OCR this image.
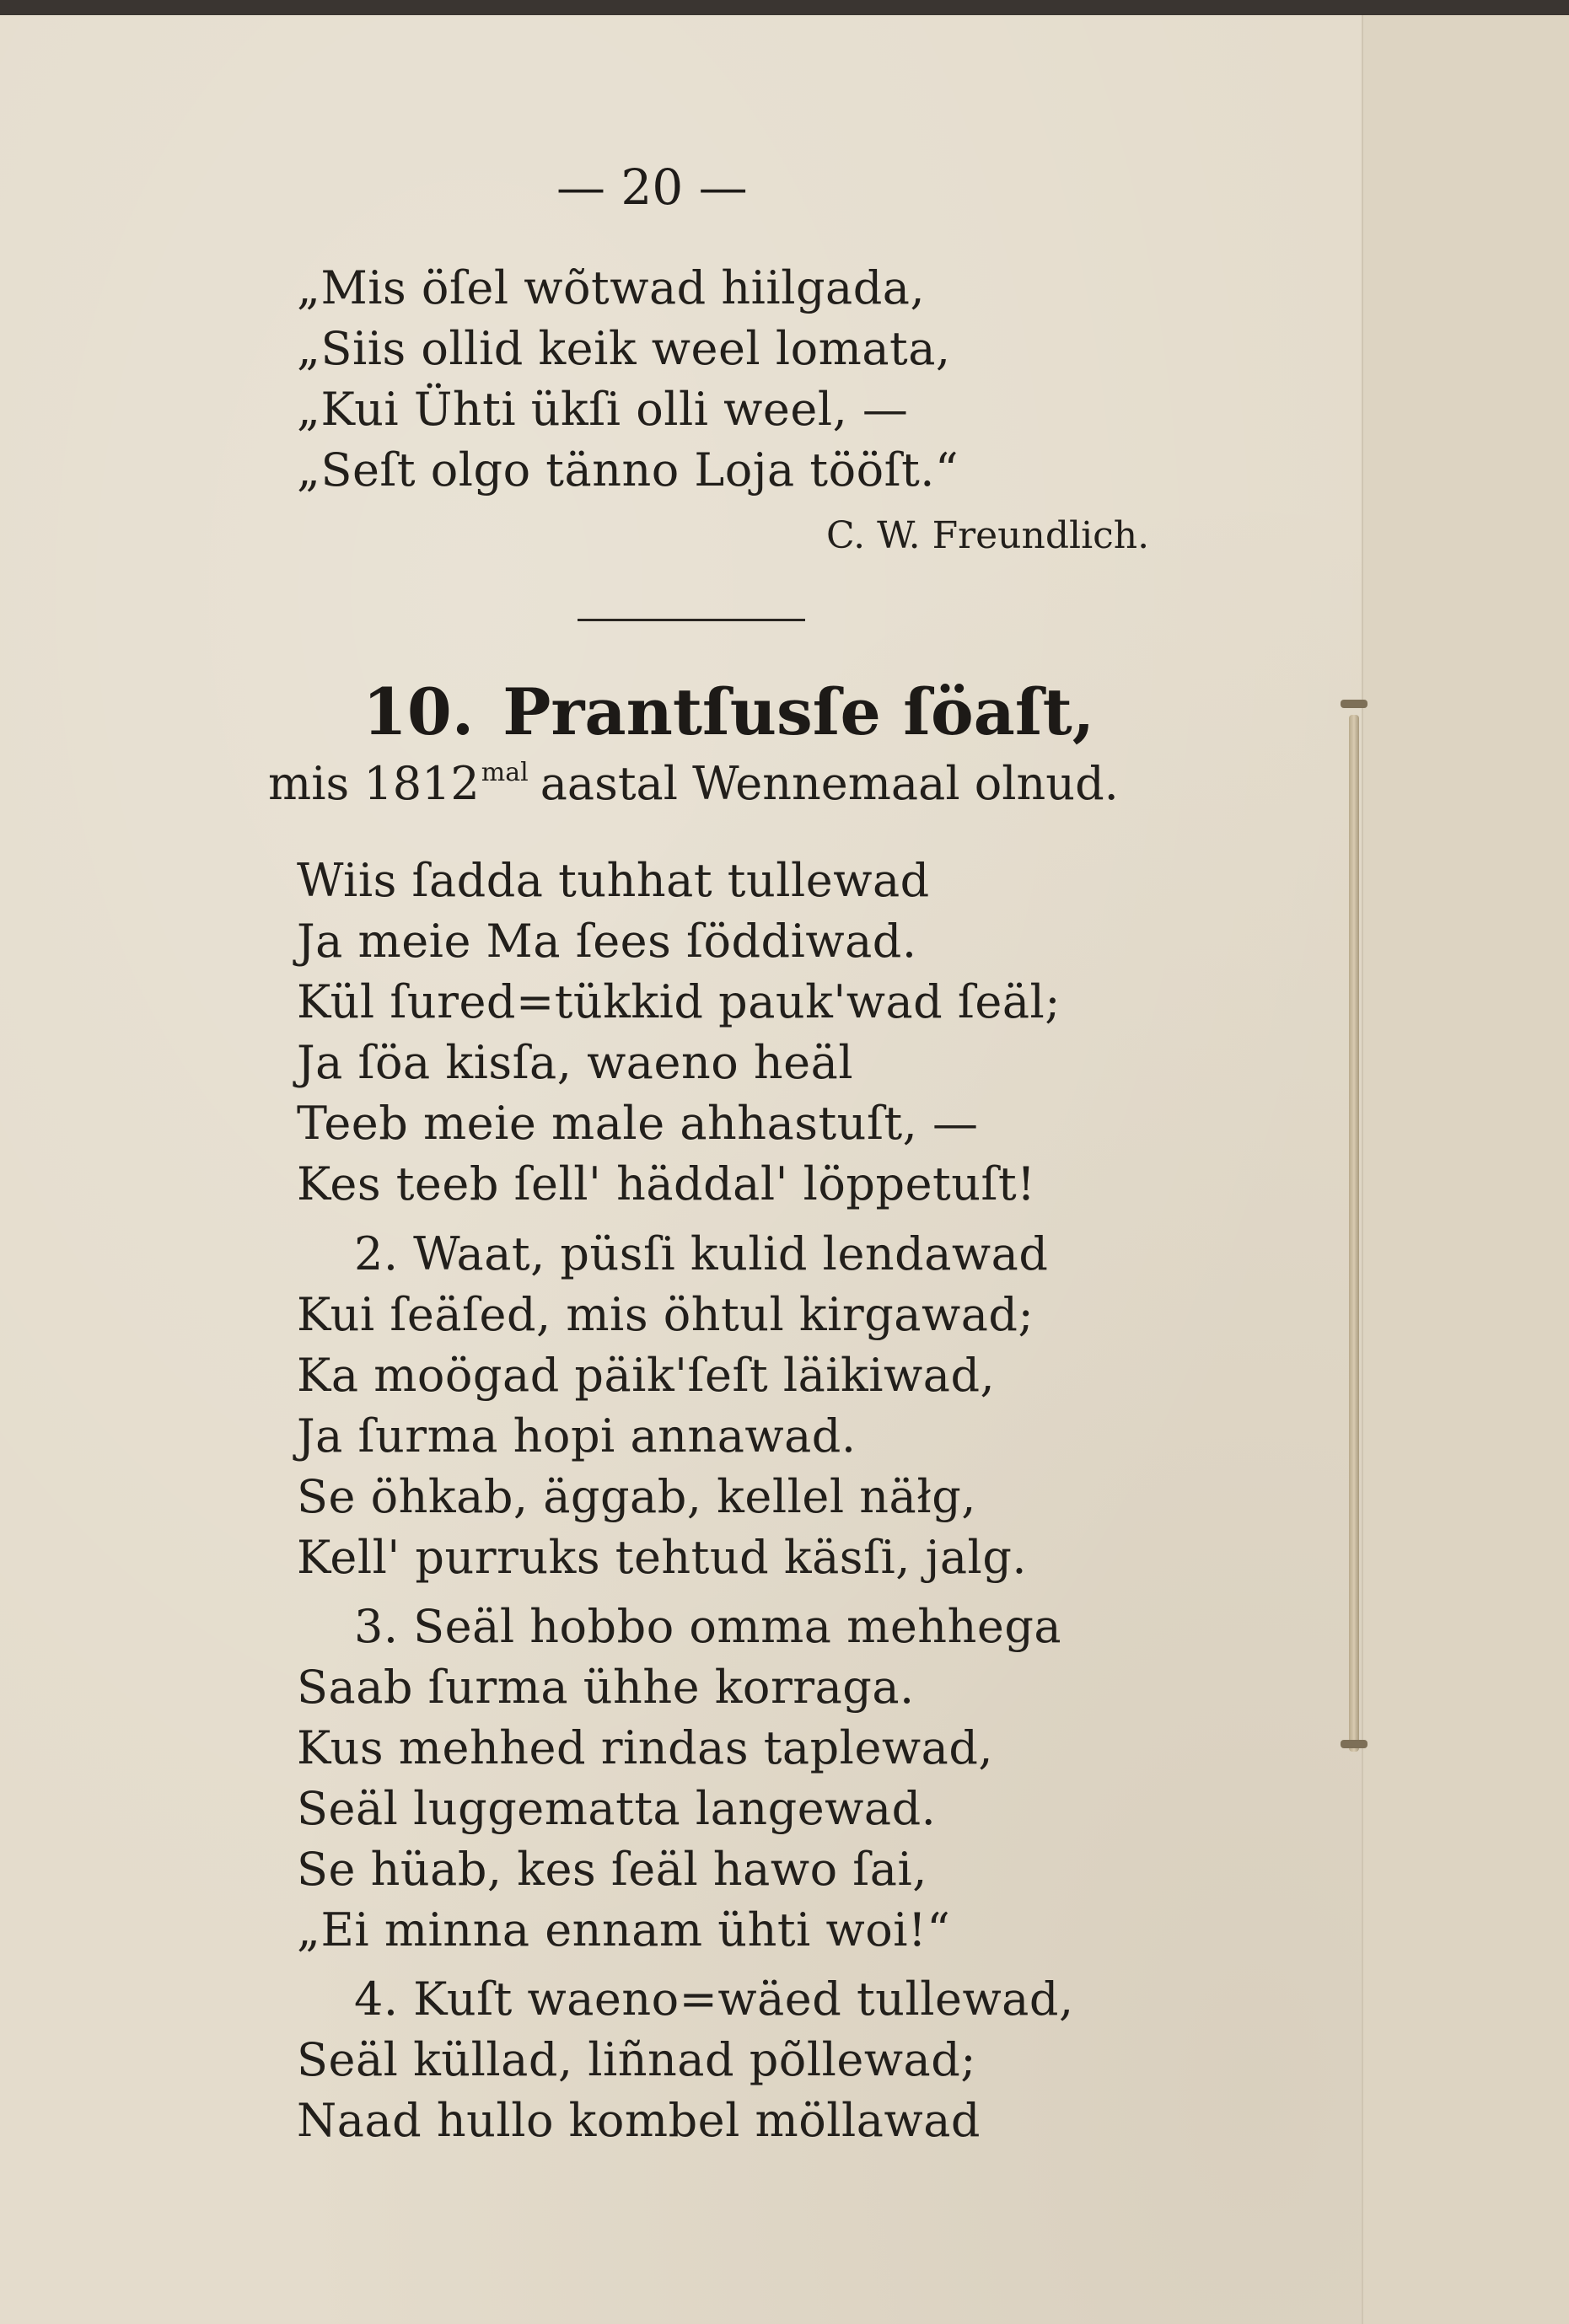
— 20 —
„Mis öſel wõtwad hiilgada,
„Siis ollid keik weel lomata,
„Kui Ühti ükſi olli weel, —
„Seſt olgo tänno Loja tööſt.“
C. W. Freundlich.
10. Prantſusſe ſöaſt,
mis $1812^{mal}$ aastal Wennemaal olnud.
Wiis ſadda tuhhat tullewad
Ja meie Ma ſees ſöddiwad.
Kül ſured=tükkid pauk'wad ſeäl;
Ja ſöa kisſa, waeno heäl
Teeb meie male ahhastuſt, —
Kes teeb ſell' häddal' löppetuſt!
2. Waat, püsſi kulid lendawad
Kui ſeäſed, mis öhtul kirgawad;
Ka moögad päik'ſeſt läikiwad,
Ja ſurma hopi annawad.
Se öhkab, äggab, kellel näłg,
Kell' purruks tehtud käsſi, jalg.
3. Seäl hobbo omma mehhega
Saab ſurma ühhe korraga.
Kus mehhed rindas taplewad,
Seäl luggematta langewad.
Se hüab, kes ſeäl hawo ſai,
„Ei minna ennam ühti woi!“
4. Kuſt waeno=wäed tullewad,
Seäl küllad, liñnad põllewad;
Naad hullo kombel möllawad
